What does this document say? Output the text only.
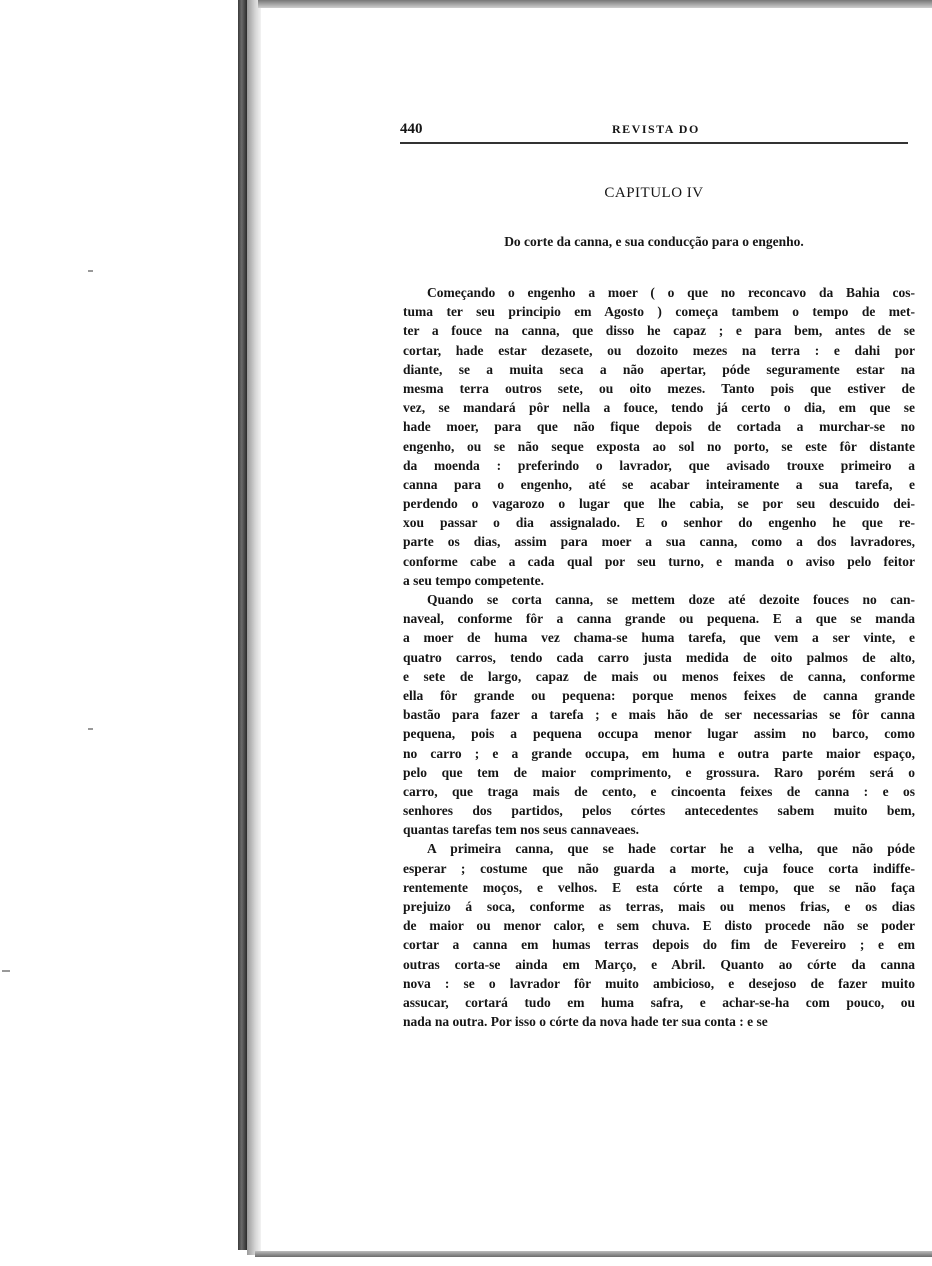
440	REVISTA DO
CAPITULO IV
Do corte da canna, e sua conducção para o engenho.
Começando o engenho a moer ( o que no reconcavo da Bahia cos-
tuma ter seu principio em Agosto ) começa tambem o tempo de met-
ter a fouce na canna, que disso he capaz ; e para bem, antes de se
cortar, hade estar dezasete, ou dozoito mezes na terra : e dahi por
diante, se a muita seca a não apertar, póde seguramente estar na
mesma terra outros sete, ou oito mezes. Tanto pois que estiver de
vez, se mandará pôr nella a fouce, tendo já certo o dia, em que se
hade moer, para que não fique depois de cortada a murchar-se no
engenho, ou se não seque exposta ao sol no porto, se este fôr distante
da moenda : preferindo o lavrador, que avisado trouxe primeiro a
canna para o engenho, até se acabar inteiramente a sua tarefa, e
perdendo o vagarozo o lugar que lhe cabia, se por seu descuido dei-
xou passar o dia assignalado. E o senhor do engenho he que re-
parte os dias, assim para moer a sua canna, como a dos lavradores,
conforme cabe a cada qual por seu turno, e manda o aviso pelo feitor
a seu tempo competente.
Quando se corta canna, se mettem doze até dezoite fouces no can-
naveal, conforme fôr a canna grande ou pequena. E a que se manda
a moer de huma vez chama-se huma tarefa, que vem a ser vinte, e
quatro carros, tendo cada carro justa medida de oito palmos de alto,
e sete de largo, capaz de mais ou menos feixes de canna, conforme
ella fôr grande ou pequena: porque menos feixes de canna grande
bastão para fazer a tarefa ; e mais hão de ser necessarias se fôr canna
pequena, pois a pequena occupa menor lugar assim no barco, como
no carro ; e a grande occupa, em huma e outra parte maior espaço,
pelo que tem de maior comprimento, e grossura. Raro porém será o
carro, que traga mais de cento, e cincoenta feixes de canna : e os
senhores dos partidos, pelos córtes antecedentes sabem muito bem,
quantas tarefas tem nos seus cannaveaes.
A primeira canna, que se hade cortar he a velha, que não póde
esperar ; costume que não guarda a morte, cuja fouce corta indiffe-
rentemente moços, e velhos. E esta córte a tempo, que se não faça
prejuizo á soca, conforme as terras, mais ou menos frias, e os dias
de maior ou menor calor, e sem chuva. E disto procede não se poder
cortar a canna em humas terras depois do fim de Fevereiro ; e em
outras corta-se ainda em Março, e Abril. Quanto ao córte da canna
nova : se o lavrador fôr muito ambicioso, e desejoso de fazer muito
assucar, cortará tudo em huma safra, e achar-se-ha com pouco, ou
nada na outra. Por isso o córte da nova hade ter sua conta : e se
